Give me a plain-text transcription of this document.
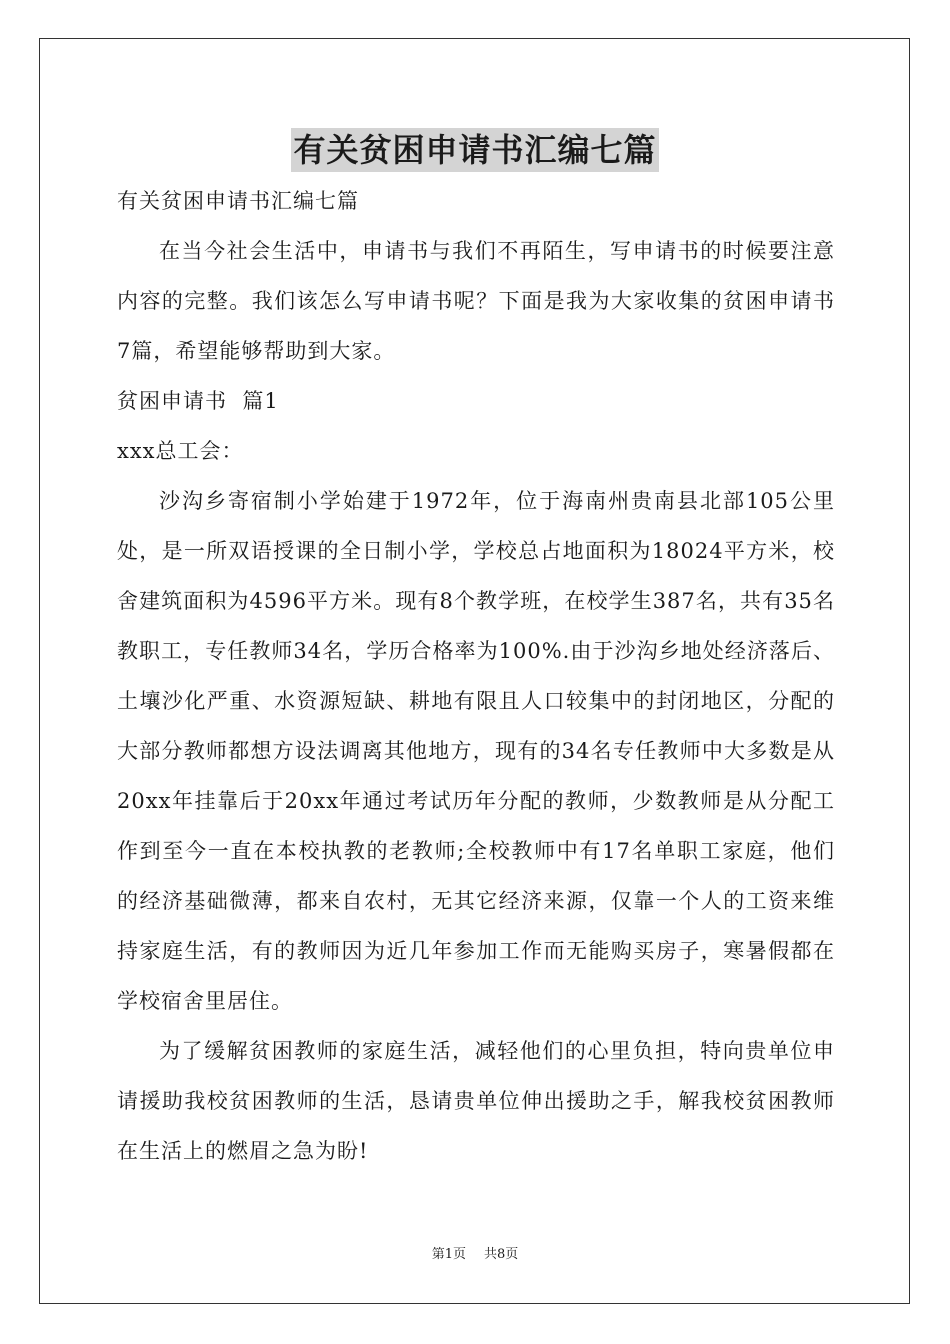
有关贫困申请书汇编七篇

有关贫困申请书汇编七篇

在当今社会生活中，申请书与我们不再陌生，写申请书的时候要注意内容的完整。我们该怎么写申请书呢？下面是我为大家收集的贫困申请书7篇，希望能够帮助到大家。

贫困申请书  篇1

xxx总工会：

沙沟乡寄宿制小学始建于1972年，位于海南州贵南县北部105公里处，是一所双语授课的全日制小学，学校总占地面积为18024平方米，校舍建筑面积为4596平方米。现有8个教学班，在校学生387名，共有35名教职工，专任教师34名，学历合格率为100%.由于沙沟乡地处经济落后、土壤沙化严重、水资源短缺、耕地有限且人口较集中的封闭地区，分配的大部分教师都想方设法调离其他地方，现有的34名专任教师中大多数是从20xx年挂靠后于20xx年通过考试历年分配的教师，少数教师是从分配工作到至今一直在本校执教的老教师;全校教师中有17名单职工家庭，他们的经济基础微薄，都来自农村，无其它经济来源，仅靠一个人的工资来维持家庭生活，有的教师因为近几年参加工作而无能购买房子，寒暑假都在学校宿舍里居住。

为了缓解贫困教师的家庭生活，减轻他们的心里负担，特向贵单位申请援助我校贫困教师的生活，恳请贵单位伸出援助之手，解我校贫困教师在生活上的燃眉之急为盼!

第1页 共8页
